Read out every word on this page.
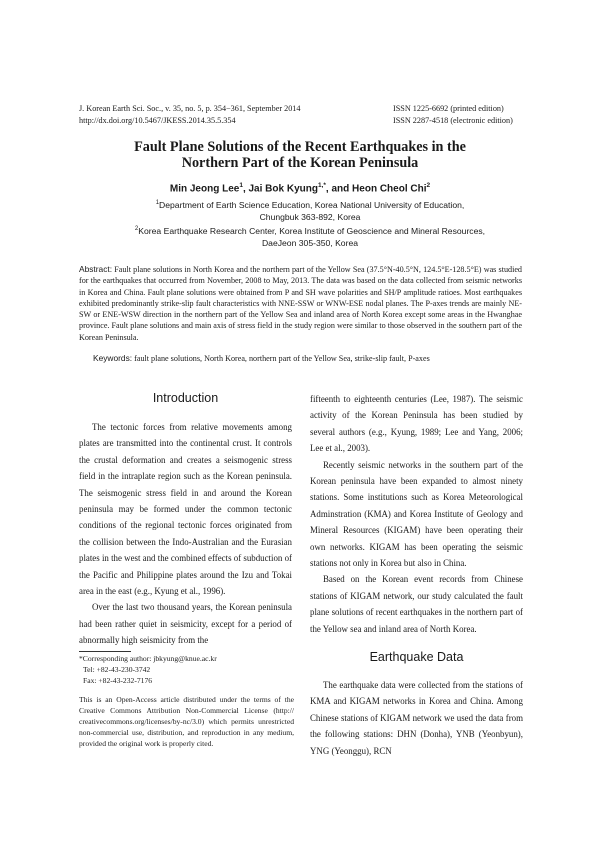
J. Korean Earth Sci. Soc., v. 35, no. 5, p. 354−361, September 2014
http://dx.doi.org/10.5467/JKESS.2014.35.5.354
ISSN 1225-6692 (printed edition)
ISSN 2287-4518 (electronic edition)
Fault Plane Solutions of the Recent Earthquakes in the
Northern Part of the Korean Peninsula
Min Jeong Lee$^1$, Jai Bok Kyung$^{1,*}$, and Heon Cheol Chi$^2$
$^1$Department of Earth Science Education, Korea National University of Education,
Chungbuk 363-892, Korea
$^2$Korea Earthquake Research Center, Korea Institute of Geoscience and Mineral Resources,
DaeJeon 305-350, Korea
Abstract: Fault plane solutions in North Korea and the northern part of the Yellow Sea (37.5°N-40.5°N, 124.5°E-128.5°E) was studied for the earthquakes that occurred from November, 2008 to May, 2013. The data was based on the data collected from seismic networks in Korea and China. Fault plane solutions were obtained from P and SH wave polarities and SH/P amplitude ratioes. Most earthquakes exhibited predominantly strike-slip fault characteristics with NNE-SSW or WNW-ESE nodal planes. The P-axes trends are mainly NE-SW or ENE-WSW direction in the northern part of the Yellow Sea and inland area of North Korea except some areas in the Hwanghae province. Fault plane solutions and main axis of stress field in the study region were similar to those observed in the southern part of the Korean Peninsula.
Keywords: fault plane solutions, North Korea, northern part of the Yellow Sea, strike-slip fault, P-axes
Introduction

The tectonic forces from relative movements among plates are transmitted into the continental crust. It controls the crustal deformation and creates a seismogenic stress field in the intraplate region such as the Korean peninsula. The seismogenic stress field in and around the Korean peninsula may be formed under the common tectonic conditions of the regional tectonic forces originated from the collision between the Indo-Australian and the Eurasian plates in the west and the combined effects of subduction of the Pacific and Philippine plates around the Izu and Tokai area in the east (e.g., Kyung et al., 1996).

Over the last two thousand years, the Korean peninsula had been rather quiet in seismicity, except for a period of abnormally high seismicity from the

*Corresponding author: jbkyung@knue.ac.kr

Tel: +82-43-230-3742

Fax: +82-43-232-7176

This is an Open-Access article distributed under the terms of the Creative Commons Attribution Non-Commercial License (http:// creativecommons.org/licenses/by-nc/3.0) which permits unrestricted non-commercial use, distribution, and reproduction in any medium, provided the original work is properly cited.

fifteenth to eighteenth centuries (Lee, 1987). The seismic activity of the Korean Peninsula has been studied by several authors (e.g., Kyung, 1989; Lee and Yang, 2006; Lee et al., 2003).

Recently seismic networks in the southern part of the Korean peninsula have been expanded to almost ninety stations. Some institutions such as Korea Meteorological Adminstration (KMA) and Korea Institute of Geology and Mineral Resources (KIGAM) have been operating their own networks. KIGAM has been operating the seismic stations not only in Korea but also in China.

Based on the Korean event records from Chinese stations of KIGAM network, our study calculated the fault plane solutions of recent earthquakes in the northern part of the Yellow sea and inland area of North Korea.

Earthquake Data

The earthquake data were collected from the stations of KMA and KIGAM networks in Korea and China. Among Chinese stations of KIGAM network we used the data from the following stations: DHN (Donha), YNB (Yeonbyun), YNG (Yeonggu), RCN
